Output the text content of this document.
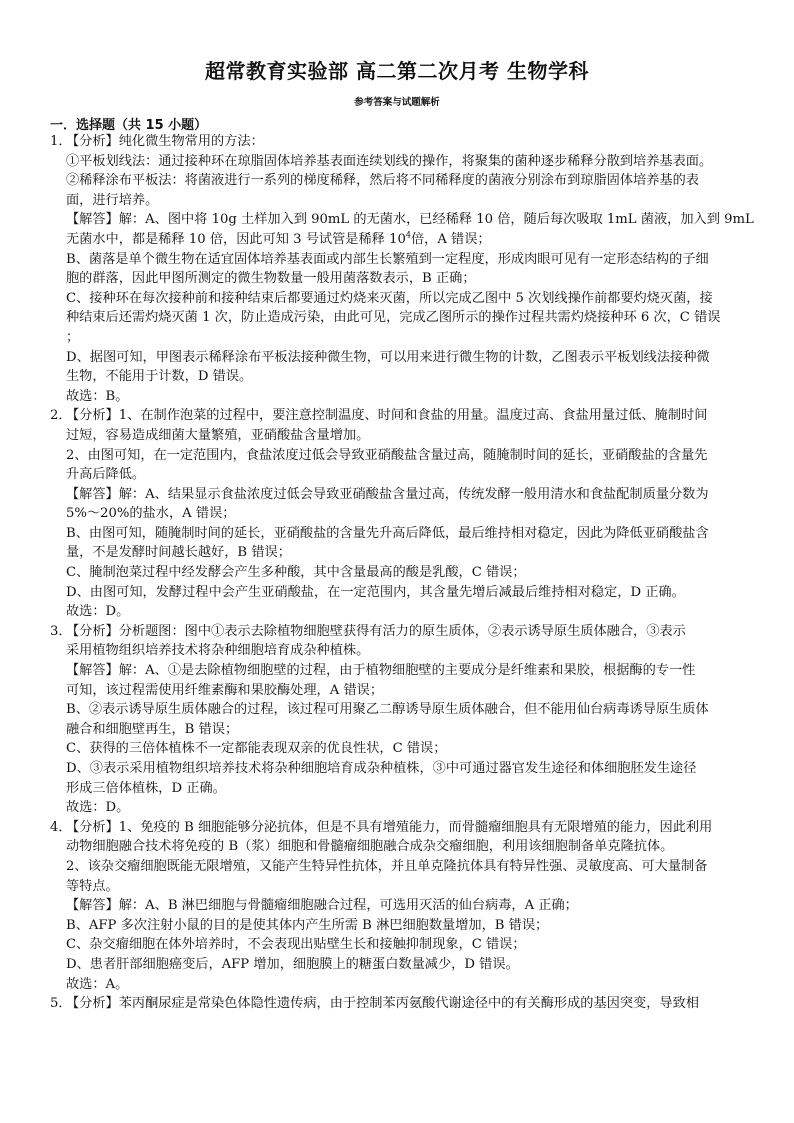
超常教育实验部 高二第二次月考 生物学科
参考答案与试题解析
一．选择题（共 15 小题）
1．
【分析】纯化微生物常用的方法：
①平板划线法：通过接种环在琼脂固体培养基表面连续划线的操作，将聚集的菌种逐步稀释分散到培养基表面。
②稀释涂布平板法：将菌液进行一系列的梯度稀释，然后将不同稀释度的菌液分别涂布到琼脂固体培养基的表
面，进行培养。
【解答】解：A、图中将 10g 土样加入到 90mL 的无菌水，已经稀释 10 倍，随后每次吸取 1mL 菌液，加入到 9mL
无菌水中，都是稀释 10 倍，因此可知 3 号试管是稀释 $10^4$倍，A 错误；
B、菌落是单个微生物在适宜固体培养基表面或内部生长繁殖到一定程度，形成肉眼可见有一定形态结构的子细
胞的群落，因此甲图所测定的微生物数量一般用菌落数表示，B 正确；
C、接种环在每次接种前和接种结束后都要通过灼烧来灭菌，所以完成乙图中 5 次划线操作前都要灼烧灭菌，接
种结束后还需灼烧灭菌 1 次，防止造成污染，由此可见，完成乙图所示的操作过程共需灼烧接种环 6 次，C 错误
；
D、据图可知，甲图表示稀释涂布平板法接种微生物，可以用来进行微生物的计数，乙图表示平板划线法接种微
生物，不能用于计数，D 错误。
故选：B。
2．
【分析】1、在制作泡菜的过程中，要注意控制温度、时间和食盐的用量。温度过高、食盐用量过低、腌制时间
过短，容易造成细菌大量繁殖，亚硝酸盐含量增加。
2、由图可知，在一定范围内，食盐浓度过低会导致亚硝酸盐含量过高，随腌制时间的延长，亚硝酸盐的含量先
升高后降低。
【解答】解：A、结果显示食盐浓度过低会导致亚硝酸盐含量过高，传统发酵一般用清水和食盐配制质量分数为
5%～20%的盐水，A 错误；
B、由图可知，随腌制时间的延长，亚硝酸盐的含量先升高后降低，最后维持相对稳定，因此为降低亚硝酸盐含
量，不是发酵时间越长越好，B 错误；
C、腌制泡菜过程中经发酵会产生多种酸，其中含量最高的酸是乳酸，C 错误；
D、由图可知，发酵过程中会产生亚硝酸盐，在一定范围内，其含量先增后减最后维持相对稳定，D 正确。
故选：D。
3．
【分析】分析题图：图中①表示去除植物细胞壁获得有活力的原生质体，②表示诱导原生质体融合，③表示
采用植物组织培养技术将杂种细胞培育成杂种植株。
【解答】解：A、①是去除植物细胞壁的过程，由于植物细胞壁的主要成分是纤维素和果胶，根据酶的专一性
可知，该过程需使用纤维素酶和果胶酶处理，A 错误；
B、②表示诱导原生质体融合的过程，该过程可用聚乙二醇诱导原生质体融合，但不能用仙台病毒诱导原生质体
融合和细胞壁再生，B 错误；
C、获得的三倍体植株不一定都能表现双亲的优良性状，C 错误；
D、③表示采用植物组织培养技术将杂种细胞培育成杂种植株，③中可通过器官发生途径和体细胞胚发生途径
形成三倍体植株，D 正确。
故选：D。
4．
【分析】1、免疫的 B 细胞能够分泌抗体，但是不具有增殖能力，而骨髓瘤细胞具有无限增殖的能力，因此利用
动物细胞融合技术将免疫的 B（浆）细胞和骨髓瘤细胞融合成杂交瘤细胞，利用该细胞制备单克隆抗体。
2、该杂交瘤细胞既能无限增殖，又能产生特异性抗体，并且单克隆抗体具有特异性强、灵敏度高、可大量制备
等特点。
【解答】解：A、B 淋巴细胞与骨髓瘤细胞融合过程，可选用灭活的仙台病毒，A 正确；
B、AFP 多次注射小鼠的目的是使其体内产生所需 B 淋巴细胞数量增加，B 错误；
C、杂交瘤细胞在体外培养时，不会表现出贴壁生长和接触抑制现象，C 错误；
D、患者肝部细胞癌变后，AFP 增加，细胞膜上的糖蛋白数量减少，D 错误。
故选：A。
5．
【分析】苯丙酮尿症是常染色体隐性遗传病，由于控制苯丙氨酸代谢途径中的有关酶形成的基因突变，导致相
